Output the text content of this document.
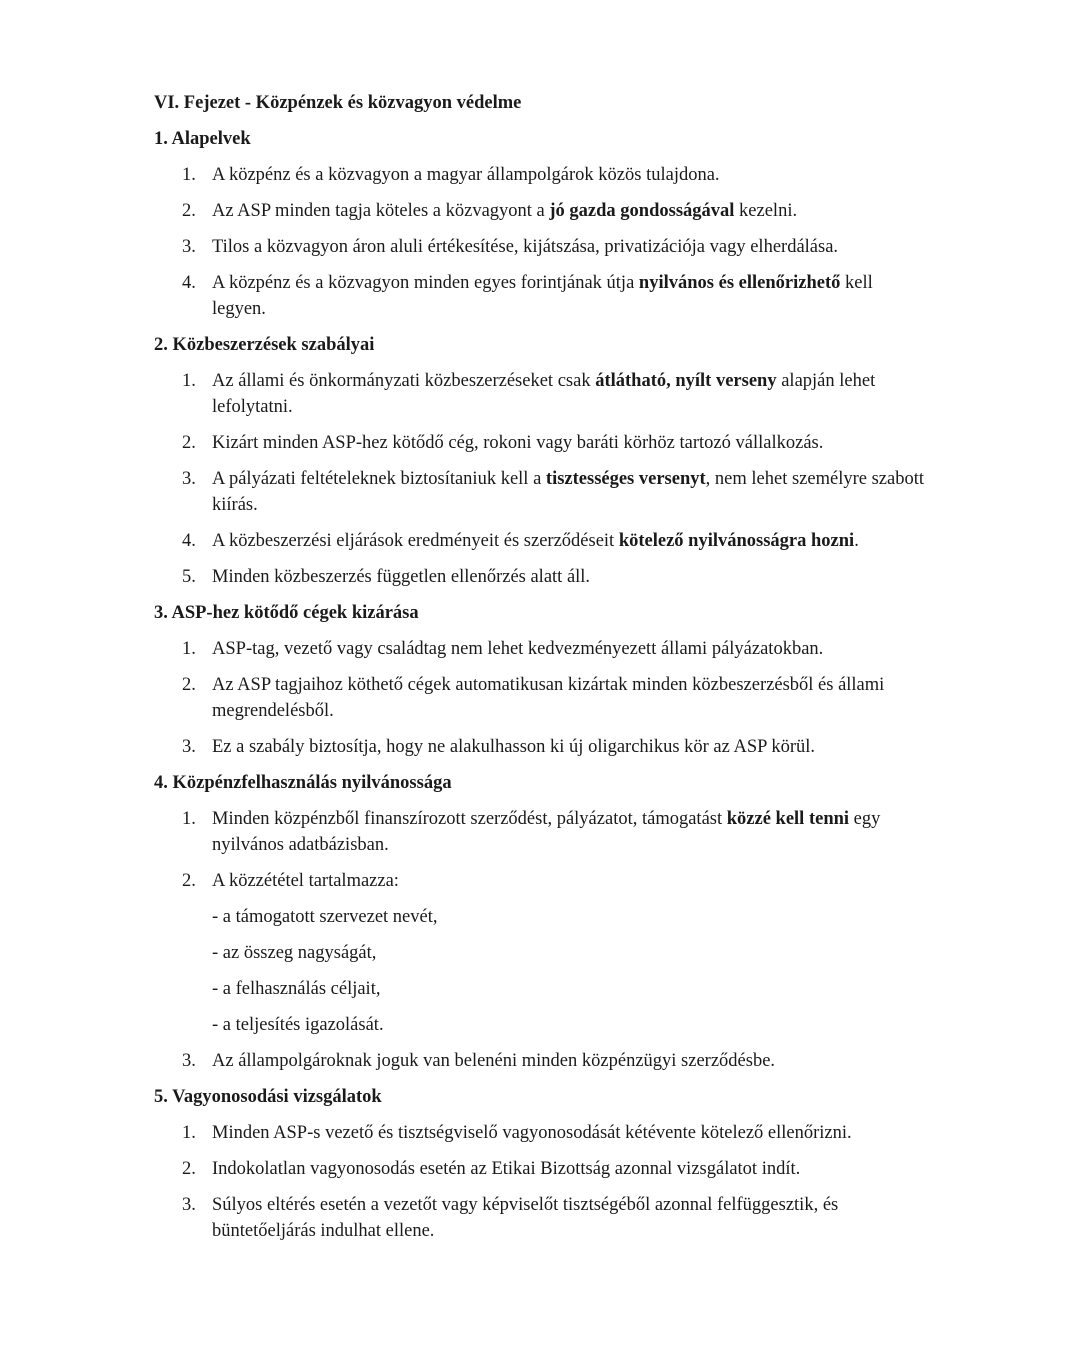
VI. Fejezet - Közpénzek és közvagyon védelme

1. Alapelvek

1. A közpénz és a közvagyon a magyar állampolgárok közös tulajdona.
2. Az ASP minden tagja köteles a közvagyont a jó gazda gondosságával kezelni.
3. Tilos a közvagyon áron aluli értékesítése, kijátszása, privatizációja vagy elherdálása.
4. A közpénz és a közvagyon minden egyes forintjának útja nyilvános és ellenőrizhető kell legyen.

2. Közbeszerzések szabályai

1. Az állami és önkormányzati közbeszerzéseket csak átlátható, nyílt verseny alapján lehet lefolytatni.
2. Kizárt minden ASP-hez kötődő cég, rokoni vagy baráti körhöz tartozó vállalkozás.
3. A pályázati feltételeknek biztosítaniuk kell a tisztességes versenyt, nem lehet személyre szabott kiírás.
4. A közbeszerzési eljárások eredményeit és szerződéseit kötelező nyilvánosságra hozni.
5. Minden közbeszerzés független ellenőrzés alatt áll.

3. ASP-hez kötődő cégek kizárása

1. ASP-tag, vezető vagy családtag nem lehet kedvezményezett állami pályázatokban.
2. Az ASP tagjaihoz köthető cégek automatikusan kizártak minden közbeszerzésből és állami megrendelésből.
3. Ez a szabály biztosítja, hogy ne alakulhasson ki új oligarchikus kör az ASP körül.

4. Közpénzfelhasználás nyilvánossága

1. Minden közpénzből finanszírozott szerződést, pályázatot, támogatást közzé kell tenni egy nyilvános adatbázisban.
2. A közzététel tartalmazza:
- a támogatott szervezet nevét,
- az összeg nagyságát,
- a felhasználás céljait,
- a teljesítés igazolását.
3. Az állampolgároknak joguk van belenéni minden közpénzügyi szerződésbe.

5. Vagyonosodási vizsgálatok

1. Minden ASP-s vezető és tisztségviselő vagyonosodását kétévente kötelező ellenőrizni.
2. Indokolatlan vagyonosodás esetén az Etikai Bizottság azonnal vizsgálatot indít.
3. Súlyos eltérés esetén a vezetőt vagy képviselőt tisztségéből azonnal felfüggesztik, és büntetőeljárás indulhat ellene.
